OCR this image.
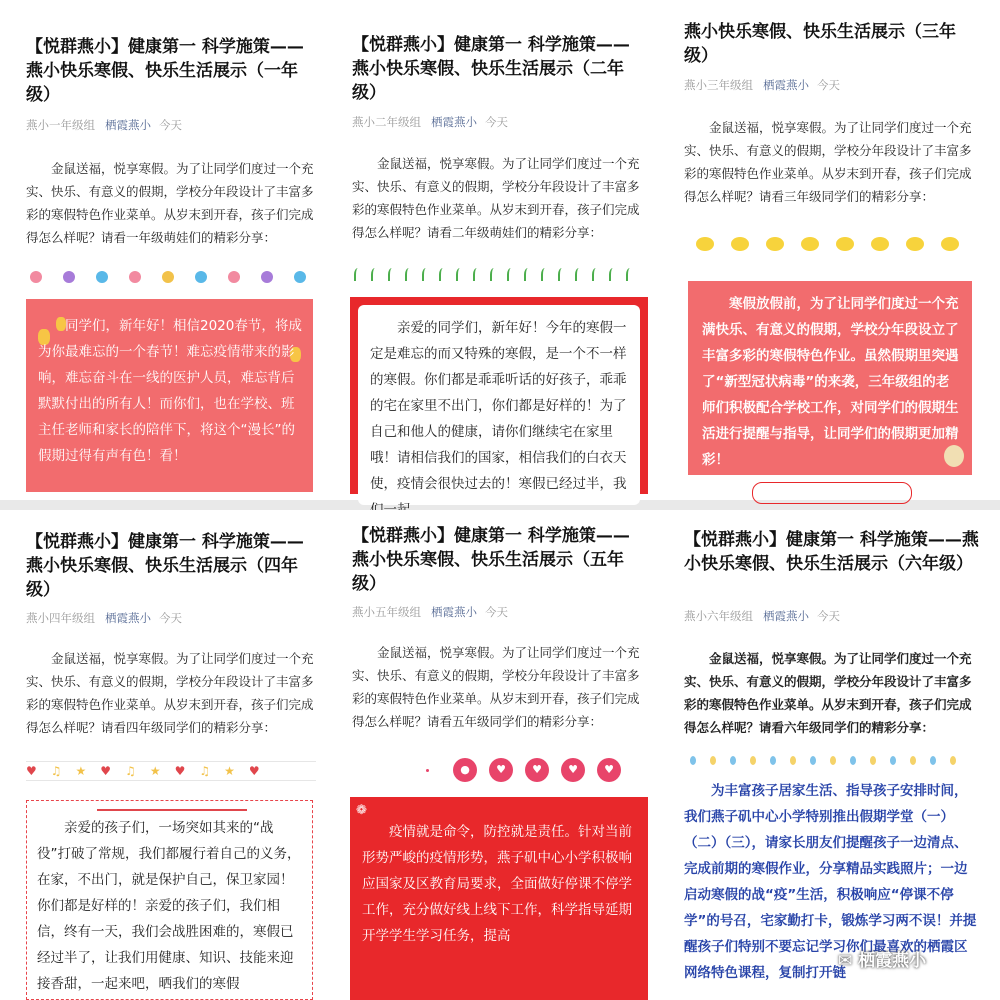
【悦群燕小】健康第一 科学施策——燕小快乐寒假、快乐生活展示（一年级）
燕小一年级组 栖霞燕小 今天
金鼠送福，悦享寒假。为了让同学们度过一个充实、快乐、有意义的假期，学校分年段设计了丰富多彩的寒假特色作业菜单。从岁末到开春，孩子们完成得怎么样呢？请看一年级萌娃们的精彩分享：
同学们，新年好！相信2020春节，将成为你最难忘的一个春节！难忘疫情带来的影响，难忘奋斗在一线的医护人员，难忘背后默默付出的所有人！而你们，也在学校、班主任老师和家长的陪伴下，将这个“漫长”的假期过得有声有色！看！
【悦群燕小】健康第一 科学施策——燕小快乐寒假、快乐生活展示（二年级）
燕小二年级组 栖霞燕小 今天
金鼠送福，悦享寒假。为了让同学们度过一个充实、快乐、有意义的假期，学校分年段设计了丰富多彩的寒假特色作业菜单。从岁末到开春，孩子们完成得怎么样呢？请看二年级萌娃们的精彩分享：
亲爱的同学们，新年好！今年的寒假一定是难忘的而又特殊的寒假，是一个不一样的寒假。你们都是乖乖听话的好孩子，乖乖的宅在家里不出门，你们都是好样的！为了自己和他人的健康，请你们继续宅在家里哦！请相信我们的国家，相信我们的白衣天使，疫情会很快过去的！寒假已经过半，我
燕小快乐寒假、快乐生活展示（三年级）
燕小三年级组 栖霞燕小 今天
金鼠送福，悦享寒假。为了让同学们度过一个充实、快乐、有意义的假期，学校分年段设计了丰富多彩的寒假特色作业菜单。从岁末到开春，孩子们完成得怎么样呢？请看三年级同学们的精彩分享：
寒假放假前，为了让同学们度过一个充满快乐、有意义的假期，学校分年段设立了丰富多彩的寒假特色作业。虽然假期里突遇了“新型冠状病毒”的来袭，三年级组的老师们积极配合学校工作，对同学们的假期生活进行提醒与指导，让同学们的假期更加精彩！
【悦群燕小】健康第一 科学施策——燕小快乐寒假、快乐生活展示（四年级）
燕小四年级组 栖霞燕小 今天
金鼠送福，悦享寒假。为了让同学们度过一个充实、快乐、有意义的假期，学校分年段设计了丰富多彩的寒假特色作业菜单。从岁末到开春，孩子们完成得怎么样呢？请看四年级同学们的精彩分享：
♥ ♫ ★ ♥ ♫ ★ ♥ ♫ ★ ♥
亲爱的孩子们，一场突如其来的“战役”打破了常规，我们都履行着自己的义务，在家，不出门，就是保护自己，保卫家园！你们都是好样的！亲爱的孩子们，我们相信，终有一天，我们会战胜困难的，寒假已经过半了，让我们用健康、知识、技能来迎接香甜，一起来吧，晒我们的寒假
【悦群燕小】健康第一 科学施策——燕小快乐寒假、快乐生活展示（五年级）
燕小五年级组 栖霞燕小 今天
金鼠送福，悦享寒假。为了让同学们度过一个充实、快乐、有意义的假期，学校分年段设计了丰富多彩的寒假特色作业菜单。从岁末到开春，孩子们完成得怎么样呢？请看五年级同学们的精彩分享：
●	♥	♥	♥	♥
❁
疫情就是命令，防控就是责任。针对当前形势严峻的疫情形势，燕子矶中心小学积极响应国家及区教育局要求，全面做好停课不停学工作，充分做好线上线下工作，科学指导延期开学学生学习任务，提高
【悦群燕小】健康第一 科学施策——燕小快乐寒假、快乐生活展示（六年级）
燕小六年级组 栖霞燕小 今天
金鼠送福，悦享寒假。为了让同学们度过一个充实、快乐、有意义的假期，学校分年段设计了丰富多彩的寒假特色作业菜单。从岁末到开春，孩子们完成得怎么样呢？请看六年级同学们的精彩分享：
为丰富孩子居家生活、指导孩子安排时间，我们燕子矶中心小学特别推出假期学堂（一）（二）（三），请家长朋友们提醒孩子一边清点、完成前期的寒假作业，分享精品实践照片；一边启动寒假的战“疫”生活，积极响应“停课不停学”的号召，宅家勤打卡，锻炼学习两不误！并提醒孩子们特别不要忘记学习你们最喜欢的栖霞区网络特色课程，复制打开链
✉ 栖霞燕小
